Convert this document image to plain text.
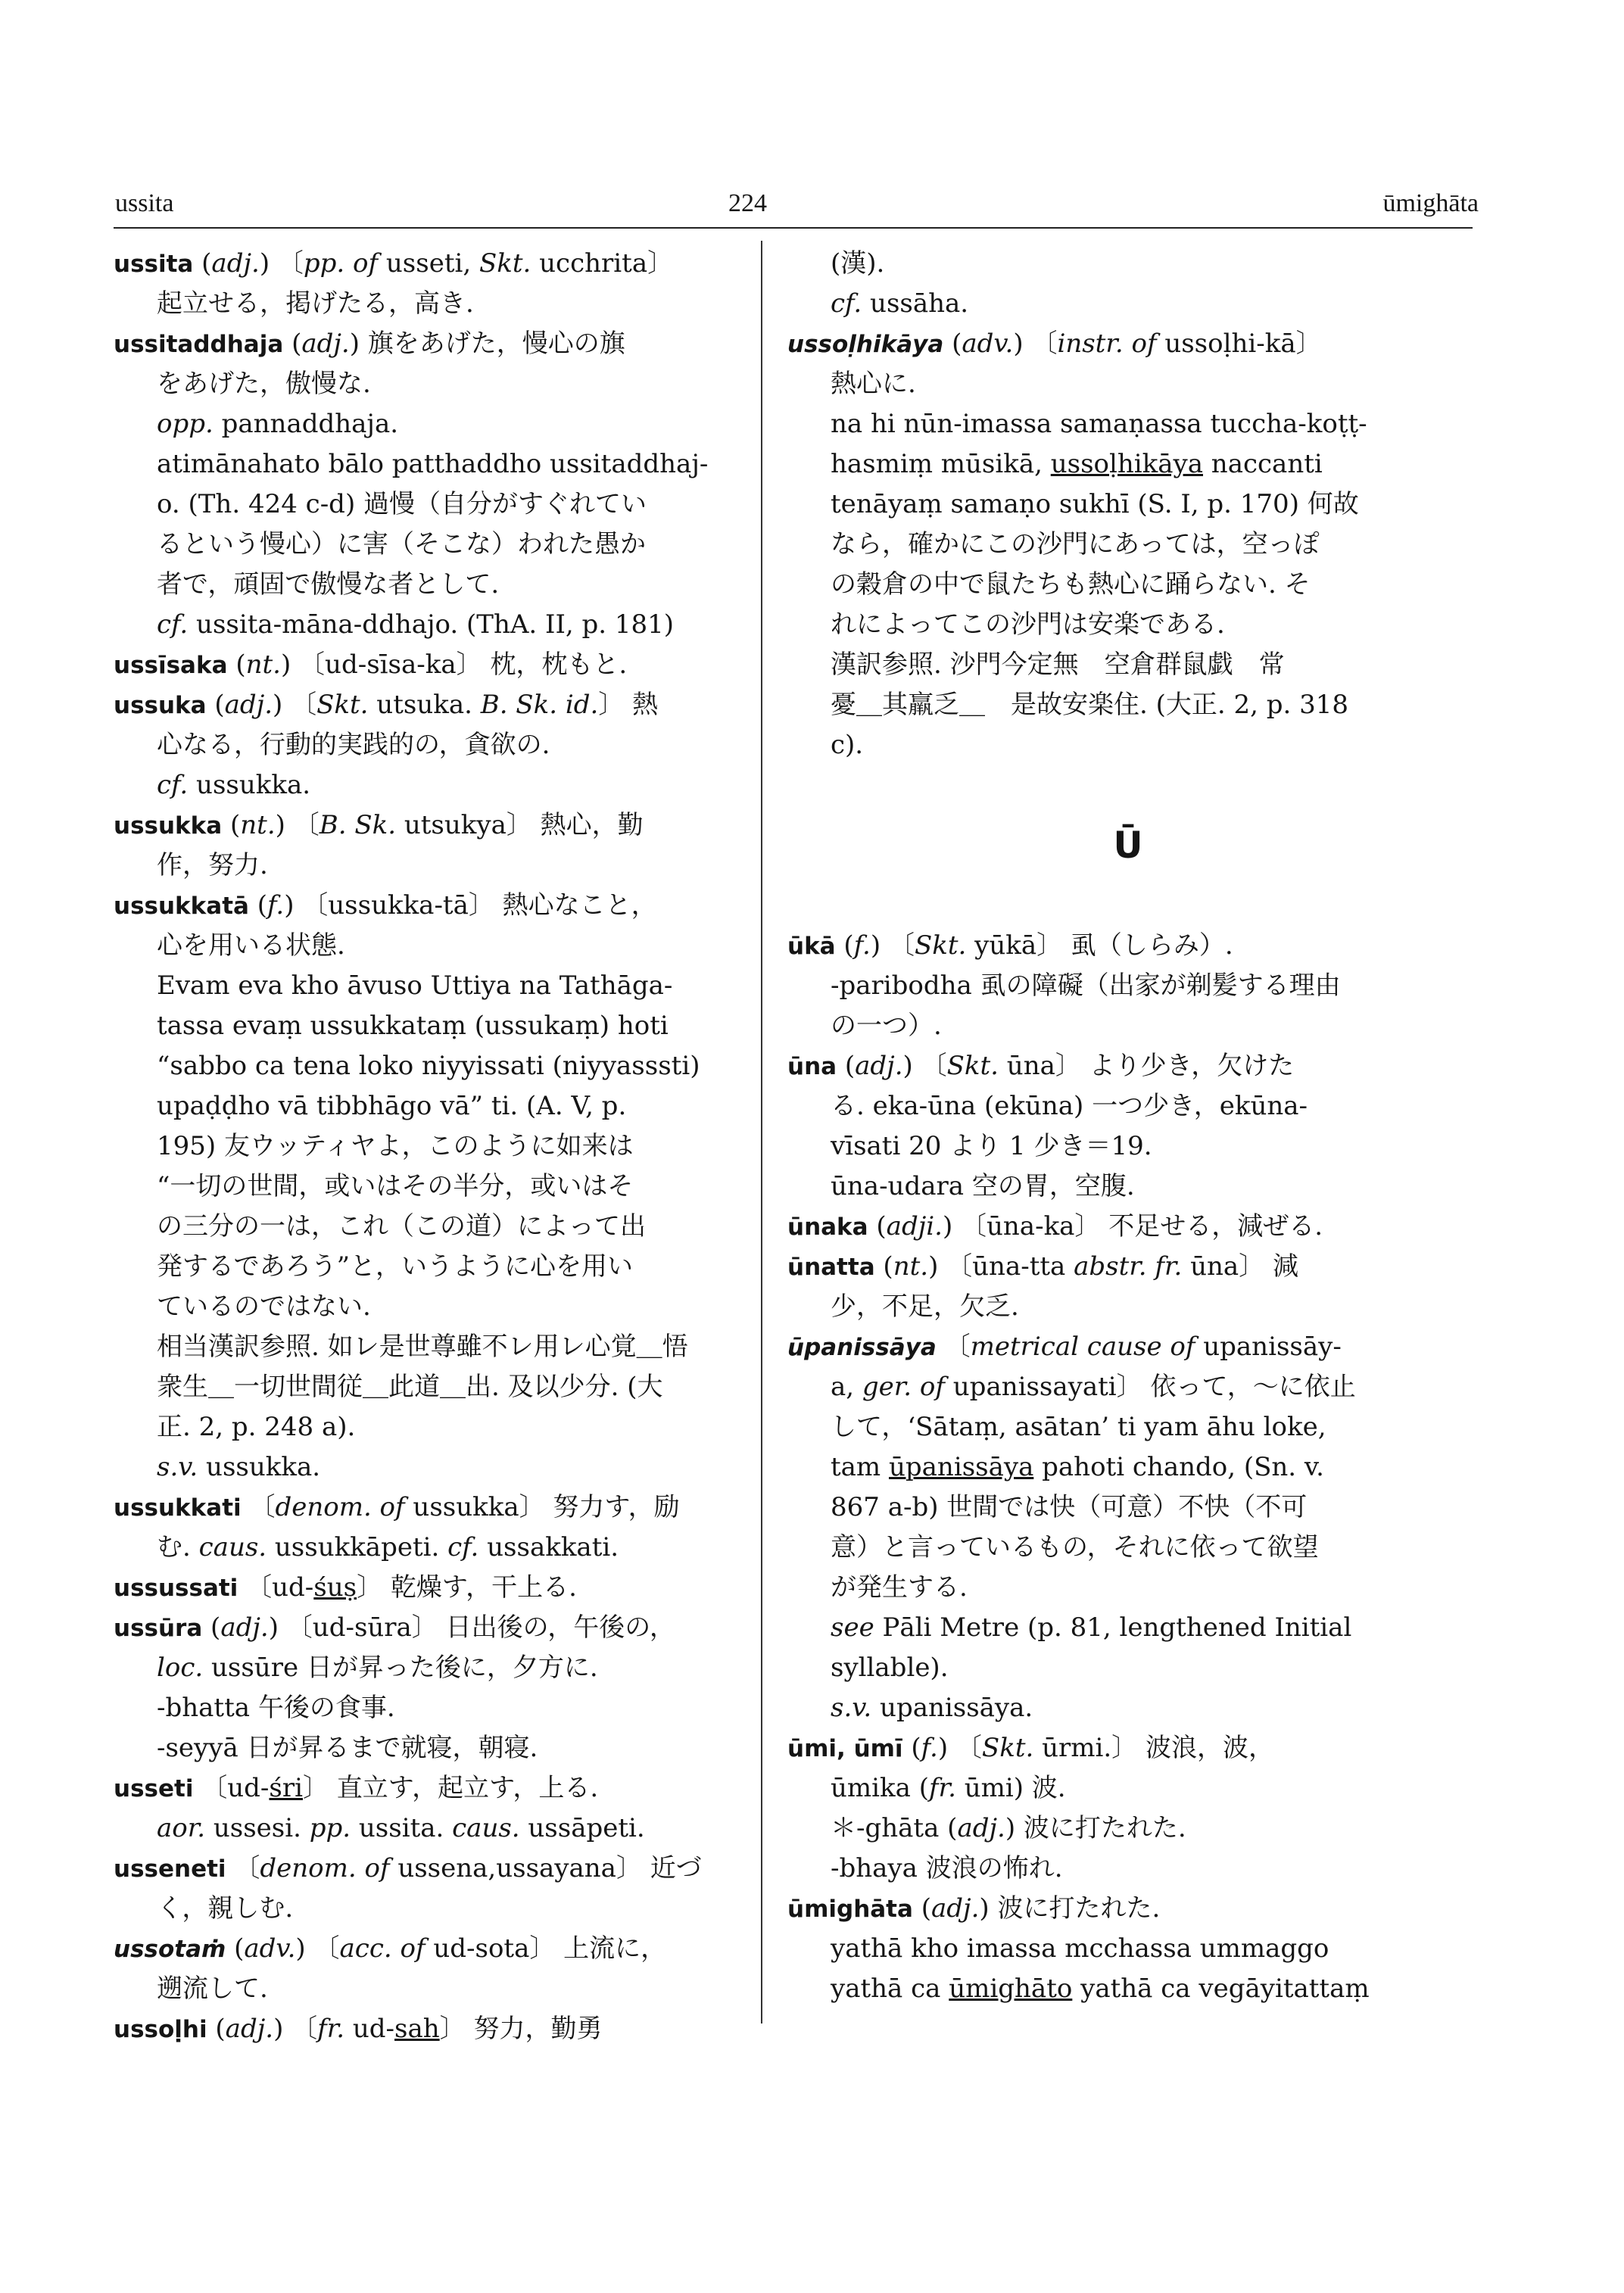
ussita	224	ūmighāta
ussita (adj.) 〔pp. of usseti, Skt. ucchrita〕
起立せる，掲げたる，高き.
ussitaddhaja (adj.) 旗をあげた，慢心の旗
をあげた，傲慢な.
opp. pannaddhaja.
atimānahato bālo patthaddho ussitaddhaj-
o. (Th. 424 c-d) 過慢（自分がすぐれてい
るという慢心）に害（そこな）われた愚か
者で，頑固で傲慢な者として.
cf. ussita-māna-ddhajo. (ThA. II, p. 181)
ussīsaka (nt.) 〔ud-sīsa-ka〕 枕，枕もと.
ussuka (adj.) 〔Skt. utsuka. B. Sk. id.〕 熱
心なる，行動的実践的の，貪欲の.
cf. ussukka.
ussukka (nt.) 〔B. Sk. utsukya〕 熱心，勤
作，努力.
ussukkatā (f.) 〔ussukka-tā〕 熱心なこと，
心を用いる状態.
Evam eva kho āvuso Uttiya na Tathāga-
tassa evaṃ ussukkataṃ (ussukaṃ) hoti
“sabbo ca tena loko niyyissati (niyyasssti)
upaḍḍho vā tibbhāgo vā” ti. (A. V, p.
195) 友ウッティヤよ，このように如来は
“一切の世間，或いはその半分，或いはそ
の三分の一は，これ（この道）によって出
発するであろう”と，いうように心を用い
ているのではない.
相当漢訳参照. 如レ是世尊雖不レ用レ心覚＿悟
衆生＿一切世間従＿此道＿出. 及以少分. (大
正. 2, p. 248 a).
s.v. ussukka.
ussukkati 〔denom. of ussukka〕 努力す，励
む. caus. ussukkāpeti. cf. ussakkati.
ussussati 〔ud-śuṣ〕 乾燥す，干上る.
ussūra (adj.) 〔ud-sūra〕 日出後の，午後の，
loc. ussūre 日が昇った後に，夕方に.
-bhatta 午後の食事.
-seyyā 日が昇るまで就寝，朝寝.
usseti 〔ud-śri〕 直立す，起立す，上る.
aor. ussesi. pp. ussita. caus. ussāpeti.
usseneti 〔denom. of ussena,ussayana〕 近づ
く，親しむ.
ussotaṁ (adv.) 〔acc. of ud-sota〕 上流に，
遡流して.
ussoḷhi (adj.) 〔fr. ud-sah〕 努力，勤勇
(漢).
cf. ussāha.
ussoḷhikāya (adv.) 〔instr. of ussoḷhi-kā〕
熱心に.
na hi nūn-imassa samaṇassa tuccha-koṭṭ-
hasmiṃ mūsikā, ussoḷhikāya naccanti
tenāyaṃ samaṇo sukhī (S. I, p. 170) 何故
なら，確かにこの沙門にあっては，空っぽ
の穀倉の中で鼠たちも熱心に踊らない. そ
れによってこの沙門は安楽である.
漢訳参照. 沙門今定無　空倉群鼠戯　常
憂＿其羸乏＿　是故安楽住. (大正. 2, p. 318
c).
Ū
ūkā (f.) 〔Skt. yūkā〕 虱（しらみ）.
-paribodha 虱の障礙（出家が剃髪する理由
の一つ）.
ūna (adj.) 〔Skt. ūna〕 より少き，欠けた
る. eka-ūna (ekūna) 一つ少き，ekūna-
vīsati 20 より 1 少き＝19.
ūna-udara 空の胃，空腹.
ūnaka (adji.) 〔ūna-ka〕 不足せる，減ぜる.
ūnatta (nt.) 〔ūna-tta abstr. fr. ūna〕 減
少，不足，欠乏.
ūpanissāya 〔metrical cause of upanissāy-
a, ger. of upanissayati〕 依って，～に依止
して，‘Sātaṃ, asātan’ ti yam āhu loke,
tam ūpanissāya pahoti chando, (Sn. v.
867 a-b) 世間では快（可意）不快（不可
意）と言っているもの，それに依って欲望
が発生する.
see Pāli Metre (p. 81, lengthened Initial
syllable).
s.v. upanissāya.
ūmi, ūmī (f.) 〔Skt. ūrmi.〕 波浪，波，
ūmika (fr. ūmi) 波.
＊-ghāta (adj.) 波に打たれた.
-bhaya 波浪の怖れ.
ūmighāta (adj.) 波に打たれた.
yathā kho imassa mcchassa ummaggo
yathā ca ūmighāto yathā ca vegāyitattaṃ
